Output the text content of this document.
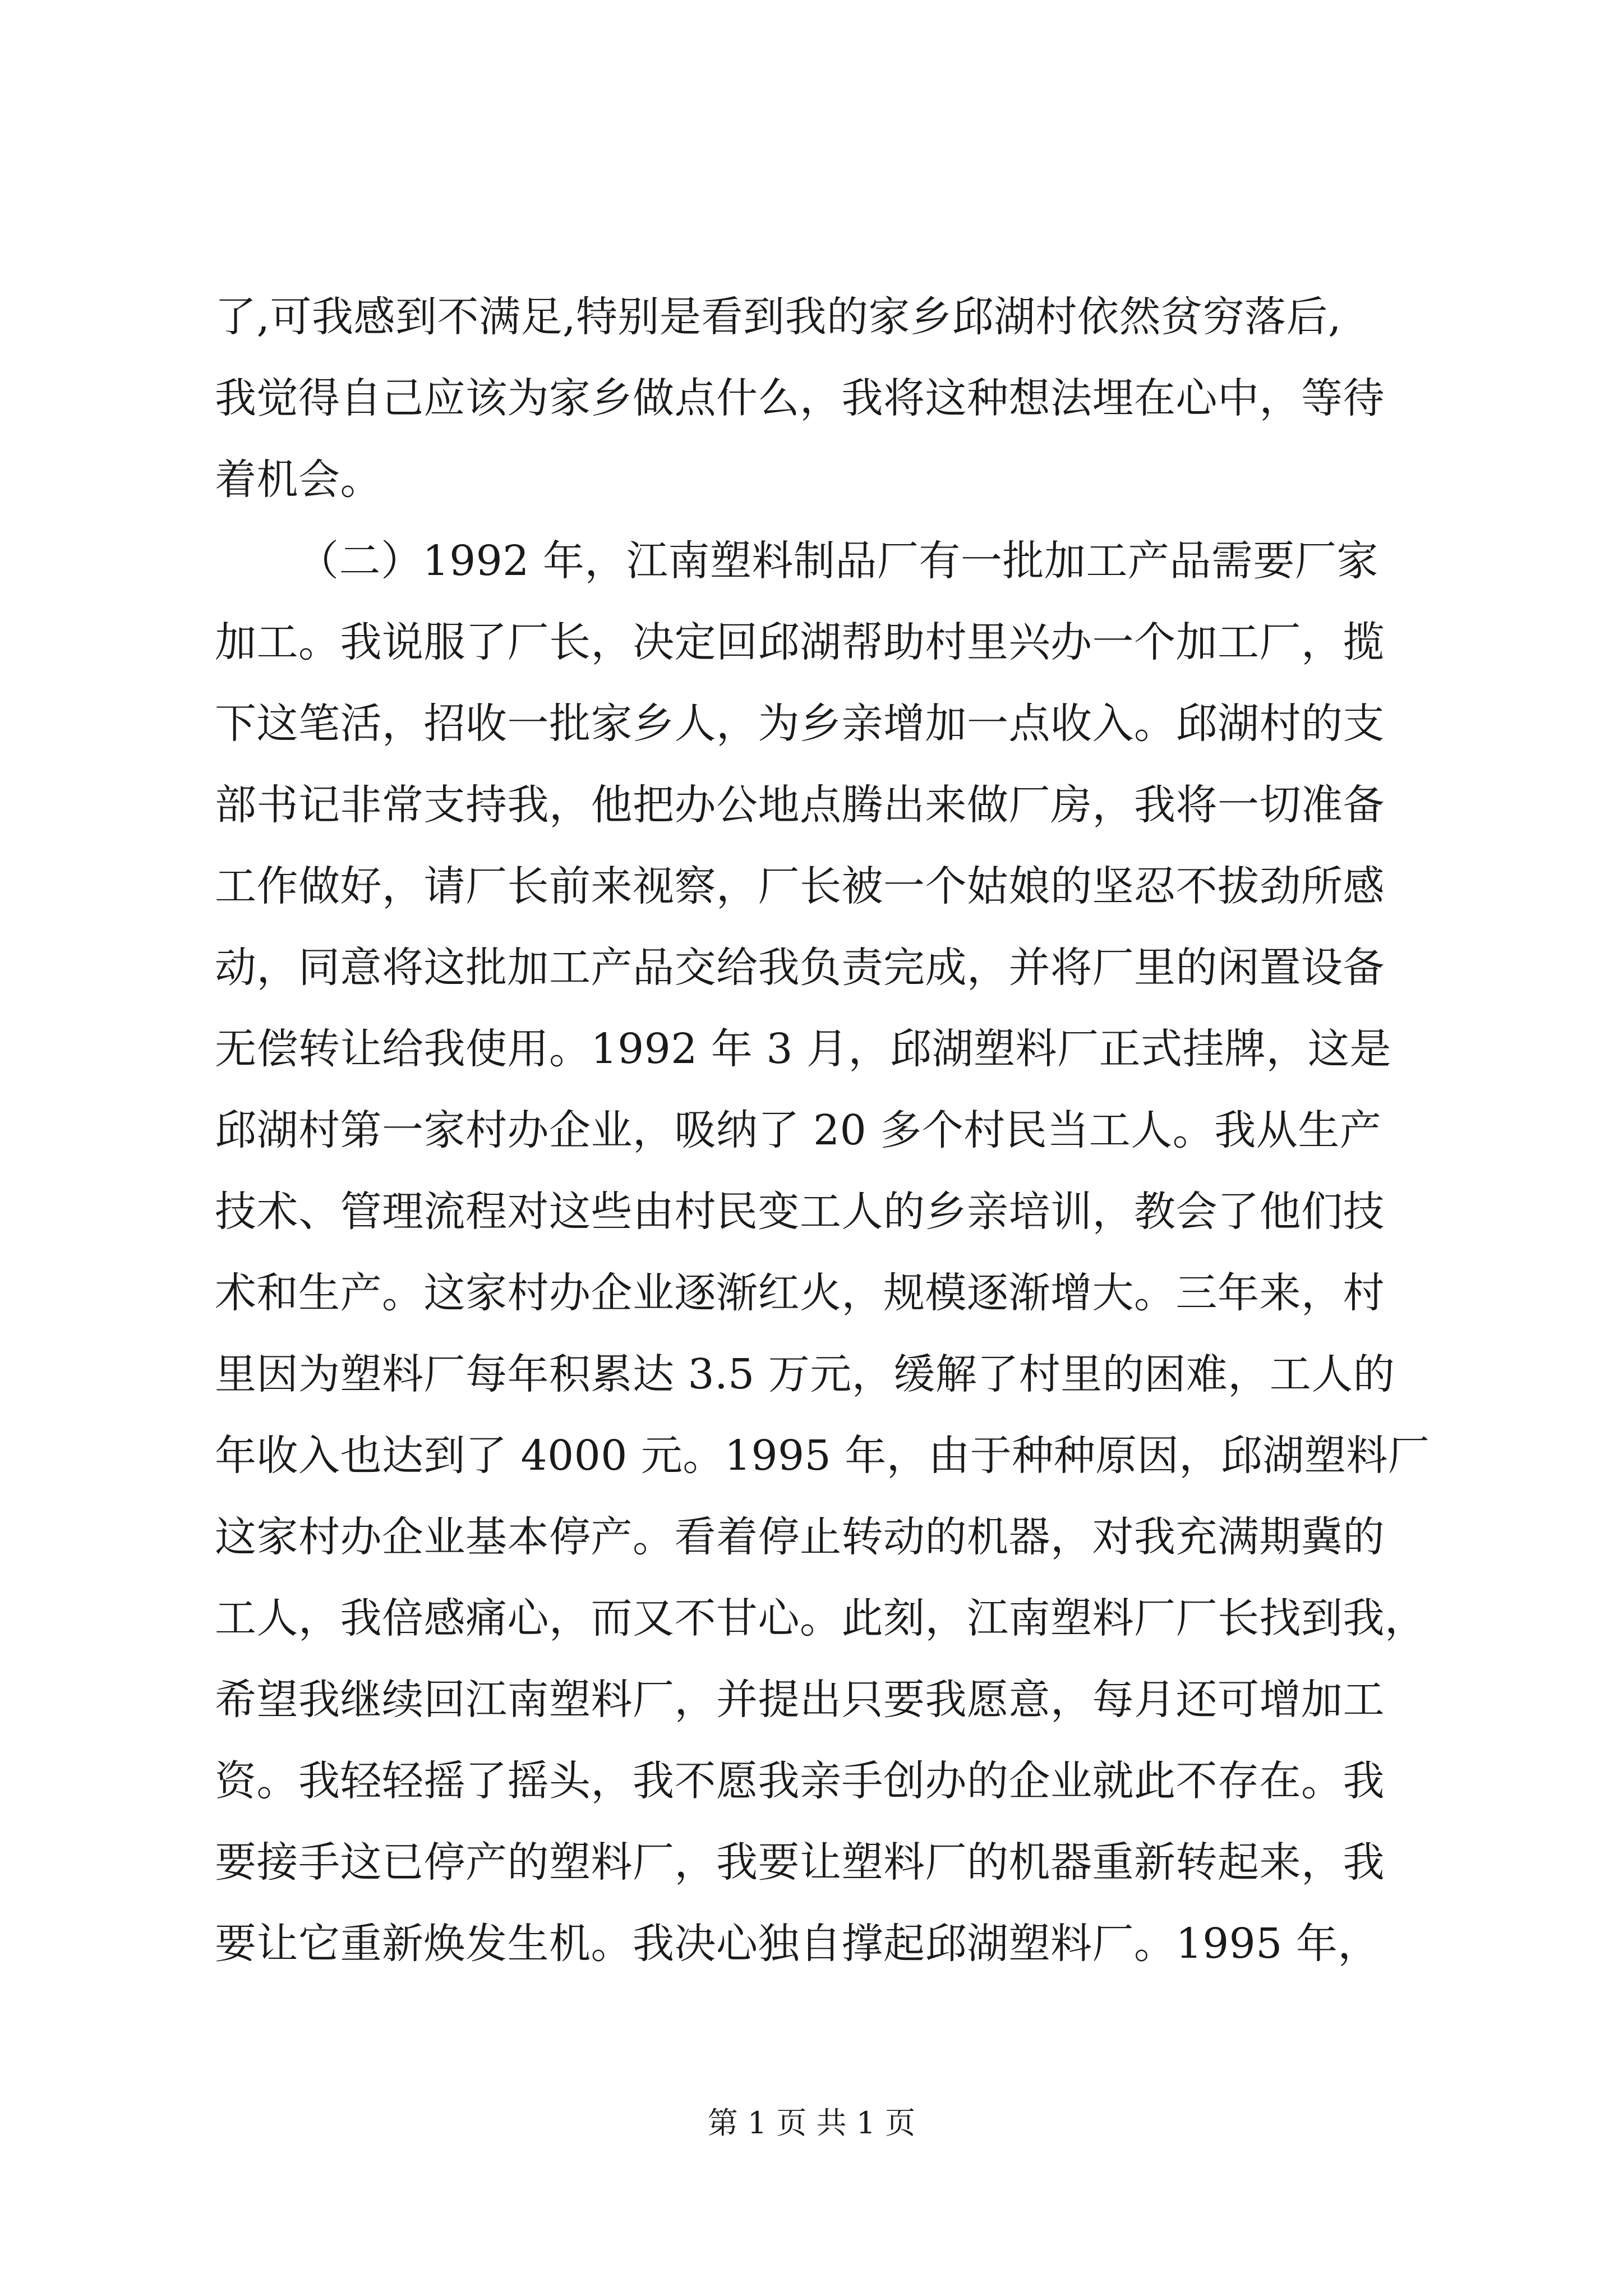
了,可我感到不满足,特别是看到我的家乡邱湖村依然贫穷落后,
我觉得自己应该为家乡做点什么，我将这种想法埋在心中，等待
着机会。
（二）1992 年，江南塑料制品厂有一批加工产品需要厂家
加工。我说服了厂长，决定回邱湖帮助村里兴办一个加工厂，揽
下这笔活，招收一批家乡人，为乡亲增加一点收入。邱湖村的支
部书记非常支持我，他把办公地点腾出来做厂房，我将一切准备
工作做好，请厂长前来视察，厂长被一个姑娘的坚忍不拔劲所感
动，同意将这批加工产品交给我负责完成，并将厂里的闲置设备
无偿转让给我使用。1992 年 3 月，邱湖塑料厂正式挂牌，这是
邱湖村第一家村办企业，吸纳了 20 多个村民当工人。我从生产
技术、管理流程对这些由村民变工人的乡亲培训，教会了他们技
术和生产。这家村办企业逐渐红火，规模逐渐增大。三年来，村
里因为塑料厂每年积累达 3.5 万元，缓解了村里的困难，工人的
年收入也达到了 4000 元。1995 年，由于种种原因，邱湖塑料厂
这家村办企业基本停产。看着停止转动的机器，对我充满期冀的
工人，我倍感痛心，而又不甘心。此刻，江南塑料厂厂长找到我，
希望我继续回江南塑料厂，并提出只要我愿意，每月还可增加工
资。我轻轻摇了摇头，我不愿我亲手创办的企业就此不存在。我
要接手这已停产的塑料厂，我要让塑料厂的机器重新转起来，我
要让它重新焕发生机。我决心独自撑起邱湖塑料厂。1995 年，
第 1 页 共 1 页
